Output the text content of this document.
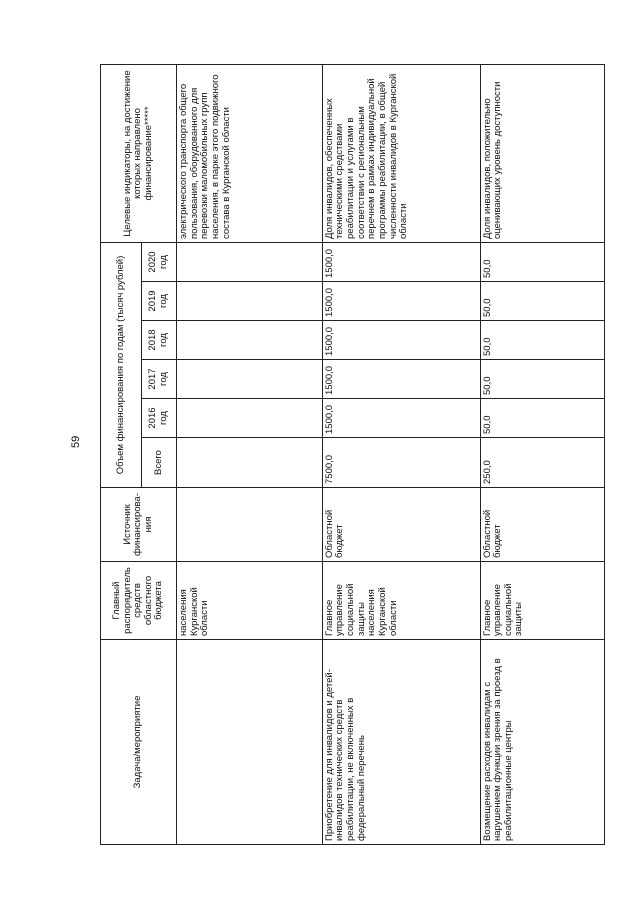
59
Задача/мероприятие	Главный распорядитель средств областного бюджета	Источник финансирова-ния	Объем финансирования по годам (тысяч рублей)						Целевые индикаторы, на достижение которых направлено финансирование*****
			Всего	2016 год	2017 год	2018 год	2019 год	2020 год	
	населения Курганской области								электрического транспорта общего пользования, оборудованного для перевозки маломобильных групп населения, в парке этого подвижного состава в Курганской области
Приобретение для инвалидов и детей-инвалидов технических средств реабилитации, не включенных в федеральный перечень	Главное управление социальной защиты населения Курганской области	Областной бюджет	7500,0	1500,0	1500,0	1500,0	1500,0	1500,0	Доля инвалидов, обеспеченных техническими средствами реабилитации и услугами в соответствии с региональным перечнем в рамках индивидуальной программы реабилитации, в общей численности инвалидов в Курганской области
Возмещение расходов инвалидам с нарушением функции зрения за проезд в реабилитационные центры	Главное управление социальной защиты	Областной бюджет	250,0	50,0	50,0	50,0	50,0	50,0	Доля инвалидов, положительно оценивающих уровень доступности
